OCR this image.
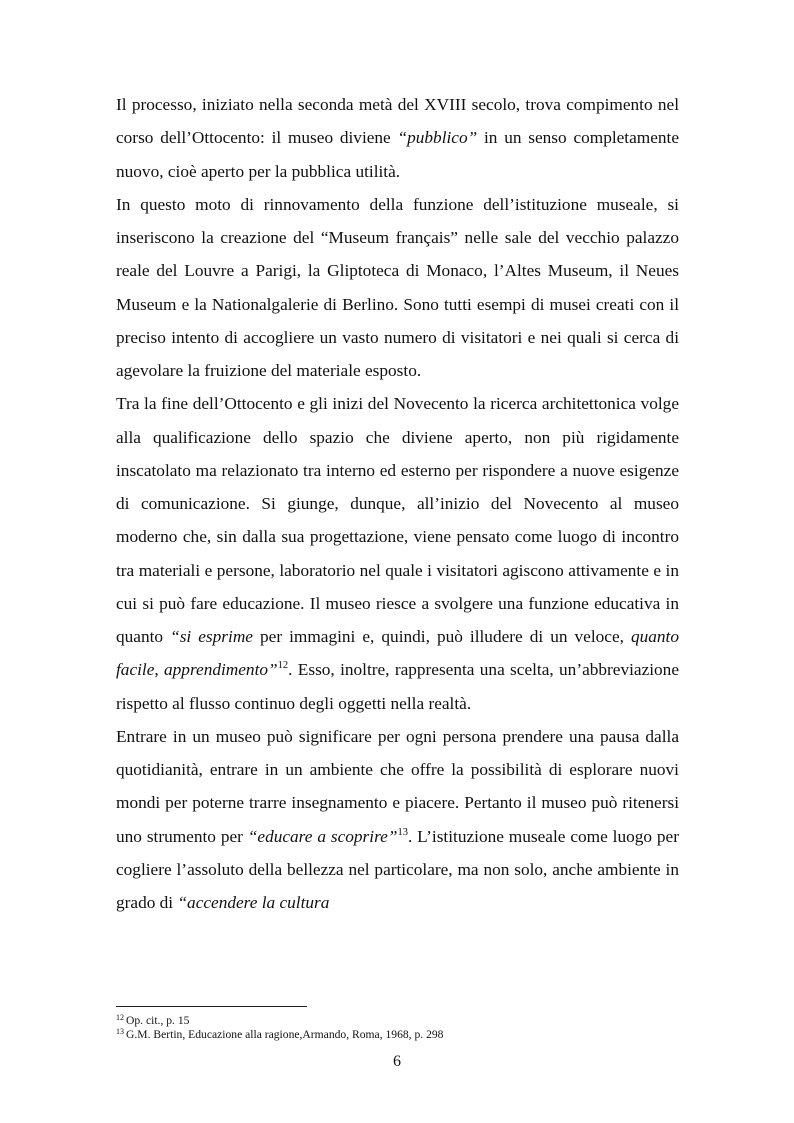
Il processo, iniziato nella seconda metà del XVIII secolo, trova compimento nel corso dell’Ottocento: il museo diviene “pubblico” in un senso completamente nuovo, cioè aperto per la pubblica utilità.

In questo moto di rinnovamento della funzione dell’istituzione museale, si inseriscono la creazione del “Museum français” nelle sale del vecchio palazzo reale del Louvre a Parigi, la Gliptoteca di Monaco, l’Altes Museum, il Neues Museum e la Nationalgalerie di Berlino. Sono tutti esempi di musei creati con il preciso intento di accogliere un vasto numero di visitatori e nei quali si cerca di agevolare la fruizione del materiale esposto.

Tra la fine dell’Ottocento e gli inizi del Novecento la ricerca architettonica volge alla qualificazione dello spazio che diviene aperto, non più rigidamente inscatolato ma relazionato tra interno ed esterno per rispondere a nuove esigenze di comunicazione. Si giunge, dunque, all’inizio del Novecento al museo moderno che, sin dalla sua progettazione, viene pensato come luogo di incontro tra materiali e persone, laboratorio nel quale i visitatori agiscono attivamente e in cui si può fare educazione. Il museo riesce a svolgere una funzione educativa in quanto “si esprime per immagini e, quindi, può illudere di un veloce, quanto facile, apprendimento”$^{12}$. Esso, inoltre, rappresenta una scelta, un’abbreviazione rispetto al flusso continuo degli oggetti nella realtà.

Entrare in un museo può significare per ogni persona prendere una pausa dalla quotidianità, entrare in un ambiente che offre la possibilità di esplorare nuovi mondi per poterne trarre insegnamento e piacere. Pertanto il museo può ritenersi uno strumento per “educare a scoprire”$^{13}$. L’istituzione museale come luogo per cogliere l’assoluto della bellezza nel particolare, ma non solo, anche ambiente in grado di “accendere la cultura

$^{12}$ Op. cit., p. 15

$^{13}$ G.M. Bertin, Educazione alla ragione,Armando, Roma, 1968, p. 298

6
